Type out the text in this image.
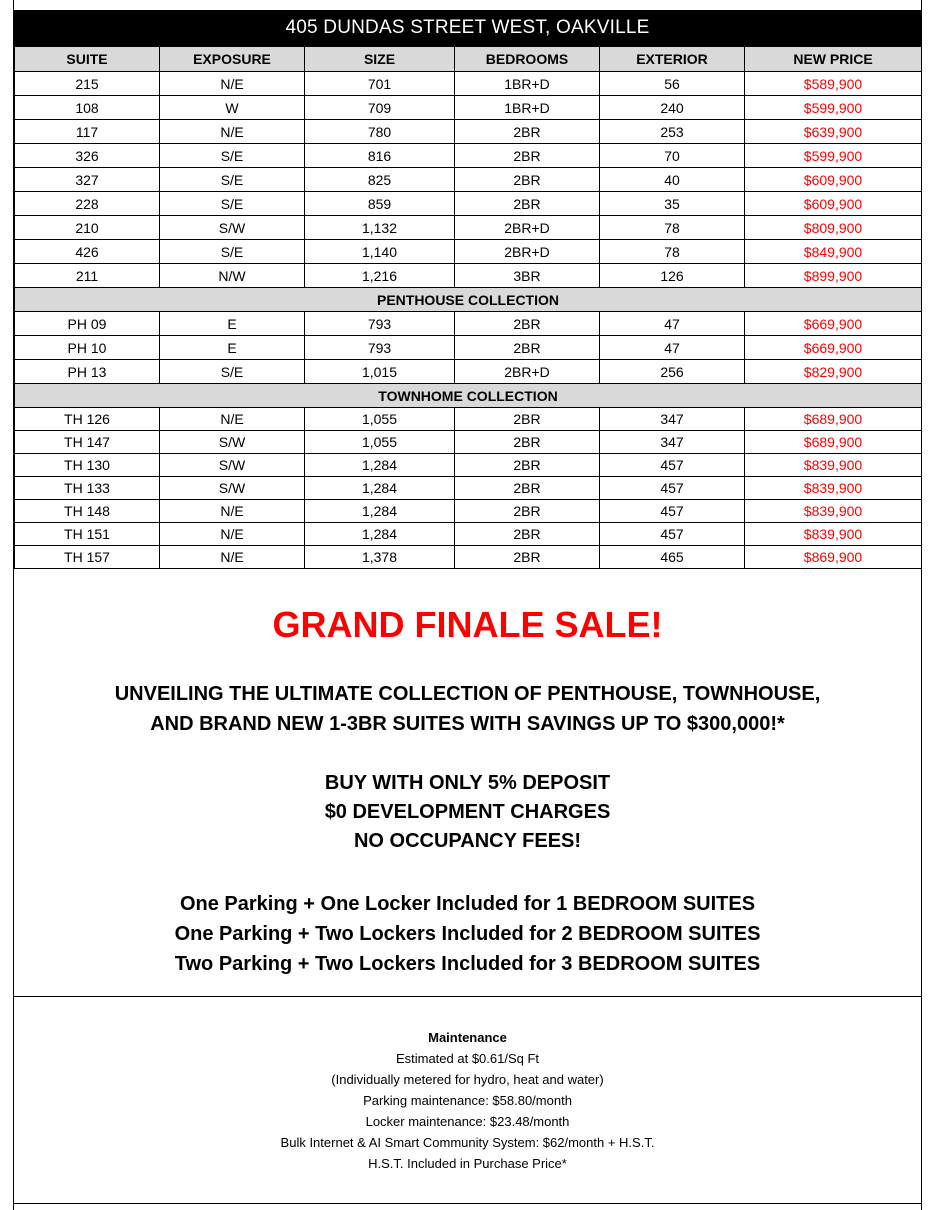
405 DUNDAS STREET WEST, OAKVILLE
SUITE	EXPOSURE	SIZE	BEDROOMS	EXTERIOR	NEW PRICE
215	N/E	701	1BR+D	56	$589,900
108	W	709	1BR+D	240	$599,900
117	N/E	780	2BR	253	$639,900
326	S/E	816	2BR	70	$599,900
327	S/E	825	2BR	40	$609,900
228	S/E	859	2BR	35	$609,900
210	S/W	1,132	2BR+D	78	$809,900
426	S/E	1,140	2BR+D	78	$849,900
211	N/W	1,216	3BR	126	$899,900
PENTHOUSE COLLECTION					
PH 09	E	793	2BR	47	$669,900
PH 10	E	793	2BR	47	$669,900
PH 13	S/E	1,015	2BR+D	256	$829,900
TOWNHOME COLLECTION					
TH 126	N/E	1,055	2BR	347	$689,900
TH 147	S/W	1,055	2BR	347	$689,900
TH 130	S/W	1,284	2BR	457	$839,900
TH 133	S/W	1,284	2BR	457	$839,900
TH 148	N/E	1,284	2BR	457	$839,900
TH 151	N/E	1,284	2BR	457	$839,900
TH 157	N/E	1,378	2BR	465	$869,900
GRAND FINALE SALE!
UNVEILING THE ULTIMATE COLLECTION OF PENTHOUSE, TOWNHOUSE,
AND BRAND NEW 1-3BR SUITES WITH SAVINGS UP TO $300,000!*
BUY WITH ONLY 5% DEPOSIT
$0 DEVELOPMENT CHARGES
NO OCCUPANCY FEES!
One Parking + One Locker Included for 1 BEDROOM SUITES
One Parking + Two Lockers Included for 2 BEDROOM SUITES
Two Parking + Two Lockers Included for 3 BEDROOM SUITES
Maintenance
Estimated at $0.61/Sq Ft
(Individually metered for hydro, heat and water)
Parking maintenance: $58.80/month
Locker maintenance: $23.48/month
Bulk Internet & AI Smart Community System: $62/month + H.S.T.
H.S.T. Included in Purchase Price*
